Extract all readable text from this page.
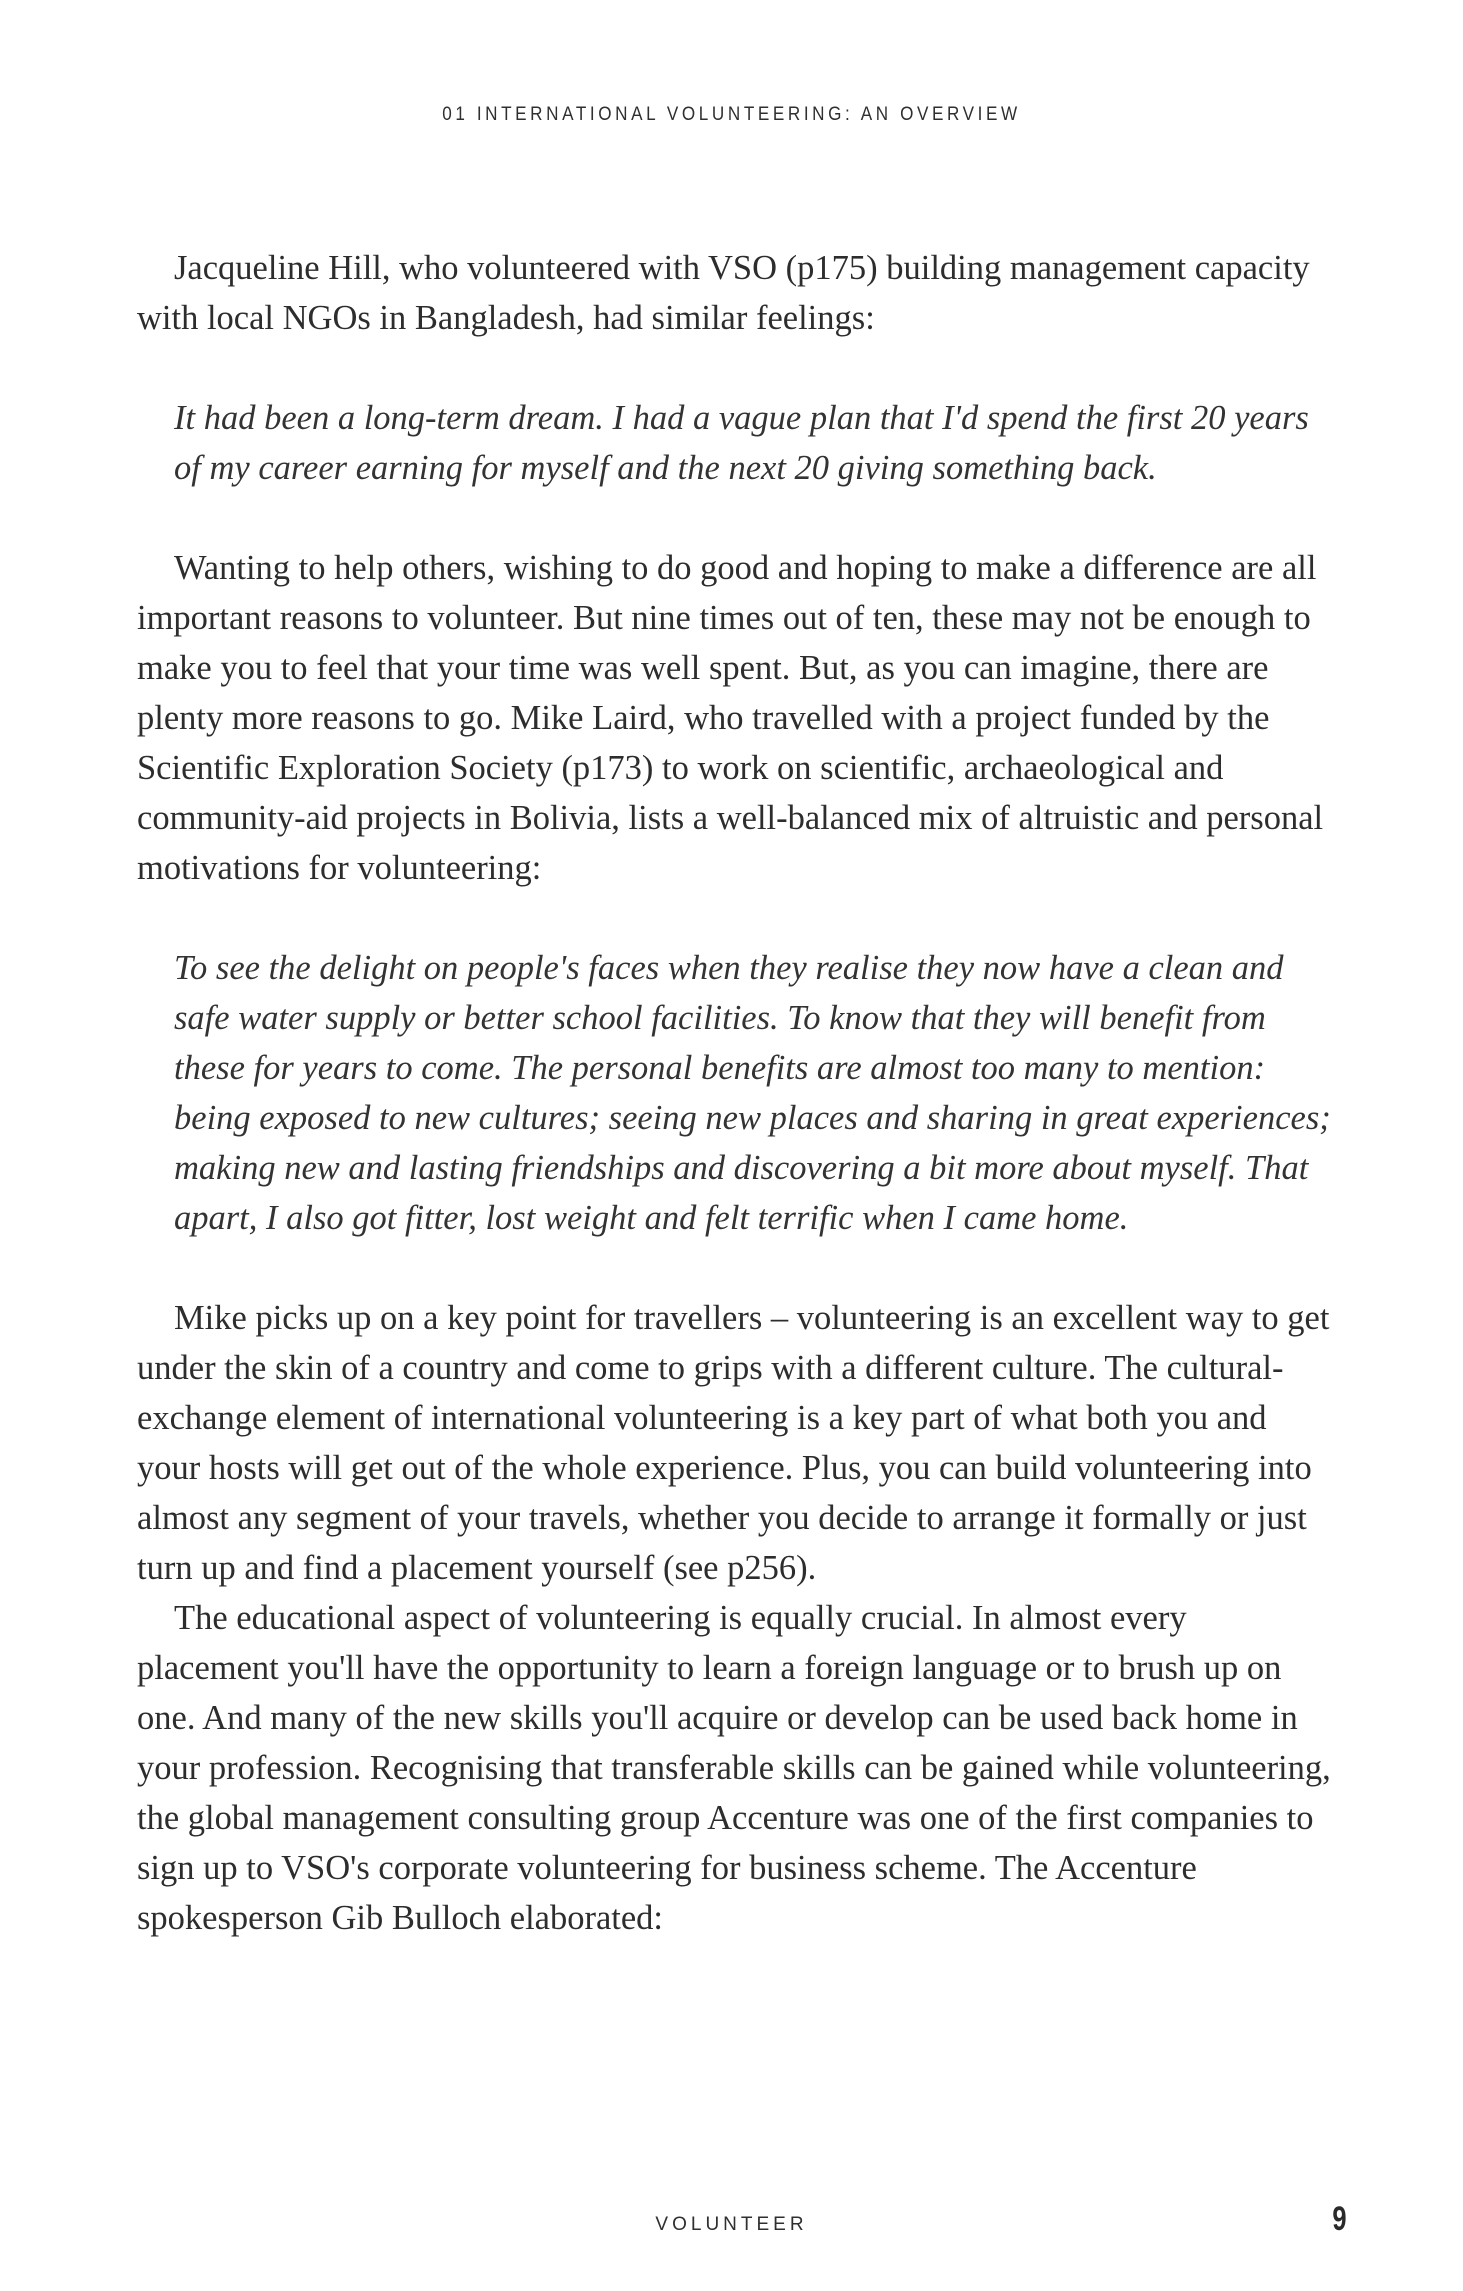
01 INTERNATIONAL VOLUNTEERING: AN OVERVIEW

Jacqueline Hill, who volunteered with VSO (p175) building management capacity with local NGOs in Bangladesh, had similar feelings:

It had been a long-term dream. I had a vague plan that I'd spend the first 20 years of my career earning for myself and the next 20 giving something back.

Wanting to help others, wishing to do good and hoping to make a difference are all important reasons to volunteer. But nine times out of ten, these may not be enough to make you to feel that your time was well spent. But, as you can imagine, there are plenty more reasons to go. Mike Laird, who travelled with a project funded by the Scientific Exploration Society (p173) to work on scientific, archaeological and community-aid projects in Bolivia, lists a well-balanced mix of altruistic and personal motivations for volunteering:

To see the delight on people's faces when they realise they now have a clean and safe water supply or better school facilities. To know that they will benefit from these for years to come. The personal benefits are almost too many to mention: being exposed to new cultures; seeing new places and sharing in great experiences; making new and lasting friendships and discovering a bit more about myself. That apart, I also got fitter, lost weight and felt terrific when I came home.

Mike picks up on a key point for travellers – volunteering is an excellent way to get under the skin of a country and come to grips with a different culture. The cultural-exchange element of international volunteering is a key part of what both you and your hosts will get out of the whole experience. Plus, you can build volunteering into almost any segment of your travels, whether you decide to arrange it formally or just turn up and find a placement yourself (see p256).

The educational aspect of volunteering is equally crucial. In almost every placement you'll have the opportunity to learn a foreign language or to brush up on one. And many of the new skills you'll acquire or develop can be used back home in your profession. Recognising that transferable skills can be gained while volunteering, the global management consulting group Accenture was one of the first companies to sign up to VSO's corporate volunteering for business scheme. The Accenture spokesperson Gib Bulloch elaborated:

VOLUNTEER	9
